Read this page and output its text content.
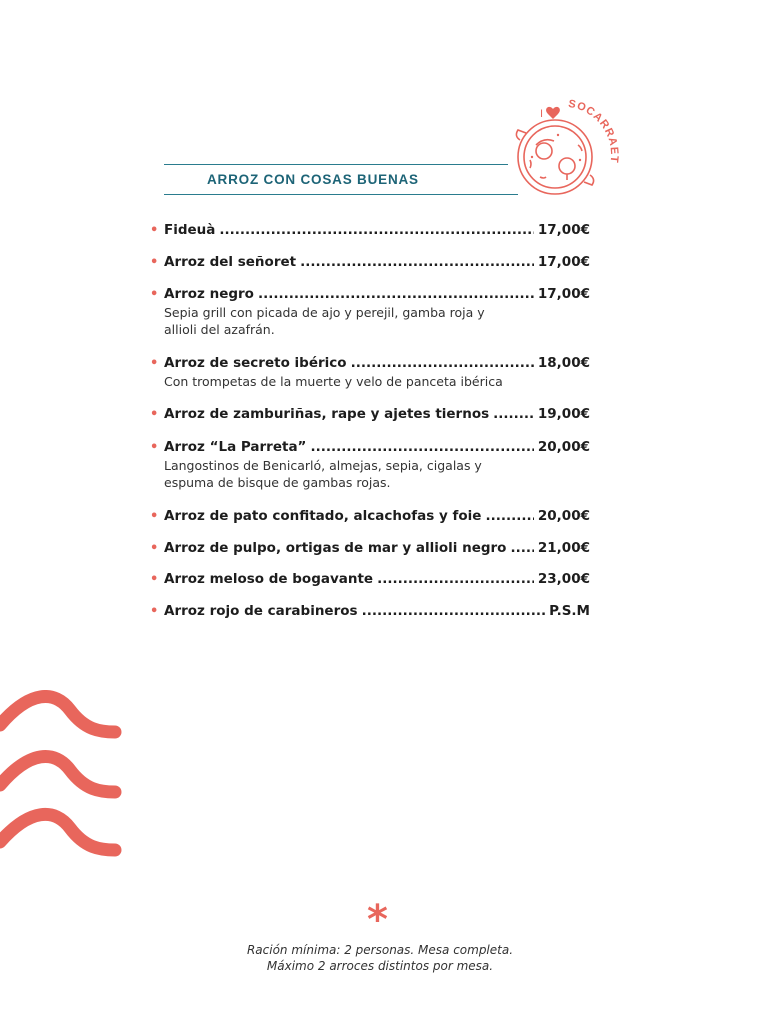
ARROZ CON COSAS BUENAS
I
SOCARRAET
• Fideuà .....	17,00€
• Arroz del señoret .....	17,00€
• Arroz negro .....	17,00€
Sepia grill con picada de ajo y perejil, gamba roja y allioli del azafrán.
• Arroz de secreto ibérico .....	18,00€
Con trompetas de la muerte y velo de panceta ibérica
• Arroz de zamburiñas, rape y ajetes tiernos .....	19,00€
• Arroz “La Parreta” .....	20,00€
Langostinos de Benicarló, almejas, sepia, cigalas y espuma de bisque de gambas rojas.
• Arroz de pato confitado, alcachofas y foie .....	20,00€
• Arroz de pulpo, ortigas de mar y allioli negro ..... 21,00€
• Arroz meloso de bogavante .....	23,00€
• Arroz rojo de carabineros .....	P.S.M
*
Ración mínima: 2 personas. Mesa completa.
Máximo 2 arroces distintos por mesa.
